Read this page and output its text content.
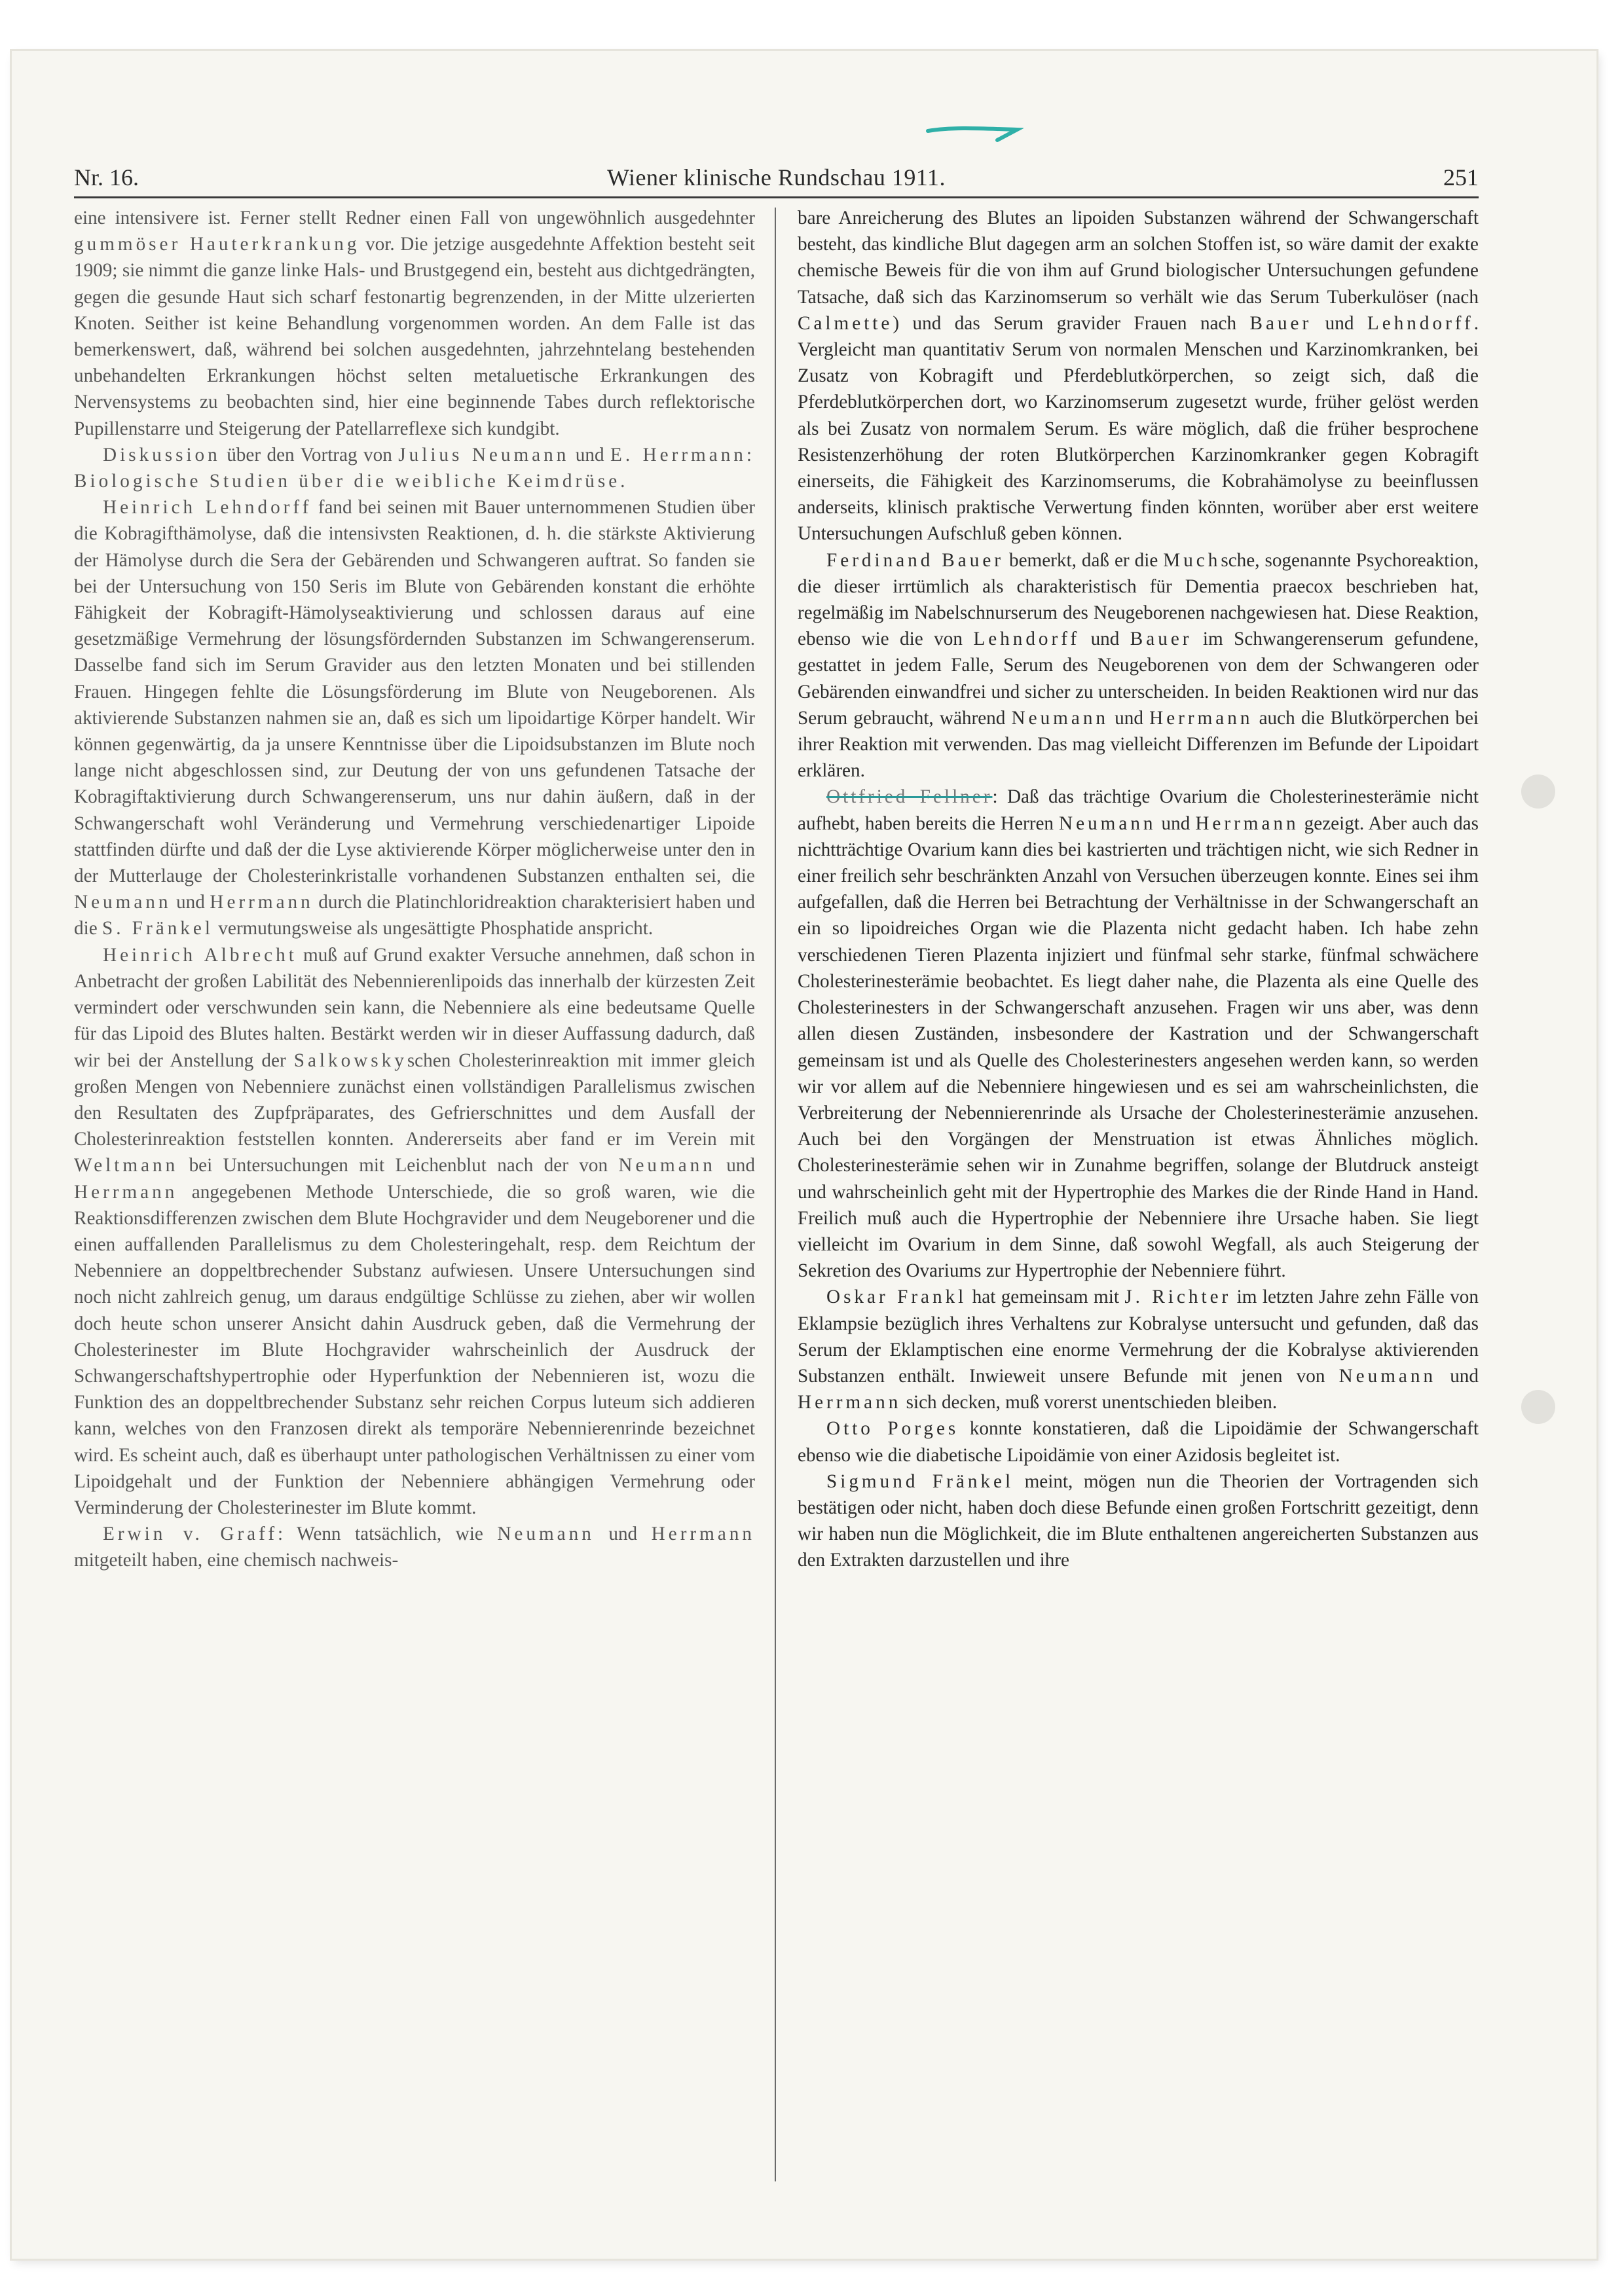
Nr. 16.	Wiener klinische Rundschau 1911.	251

eine intensivere ist. Ferner stellt Redner einen Fall von ungewöhnlich ausgedehnter gummöser Hauterkrankung vor. Die jetzige ausgedehnte Affektion besteht seit 1909; sie nimmt die ganze linke Hals- und Brustgegend ein, besteht aus dichtgedrängten, gegen die gesunde Haut sich scharf festonartig begrenzenden, in der Mitte ulzerierten Knoten. Seither ist keine Behandlung vorgenommen worden. An dem Falle ist das bemerkenswert, daß, während bei solchen ausgedehnten, jahrzehntelang bestehenden unbehandelten Erkrankungen höchst selten metaluetische Erkrankungen des Nervensystems zu beobachten sind, hier eine beginnende Tabes durch reflektorische Pupillenstarre und Steigerung der Patellarreflexe sich kundgibt.

Diskussion über den Vortrag von Julius Neumann und E. Herrmann: Biologische Studien über die weibliche Keimdrüse.

Heinrich Lehndorff fand bei seinen mit Bauer unternommenen Studien über die Kobragifthämolyse, daß die intensivsten Reaktionen, d. h. die stärkste Aktivierung der Hämolyse durch die Sera der Gebärenden und Schwangeren auftrat. So fanden sie bei der Untersuchung von 150 Seris im Blute von Gebärenden konstant die erhöhte Fähigkeit der Kobragift-Hämolyseaktivierung und schlossen daraus auf eine gesetzmäßige Vermehrung der lösungsfördernden Substanzen im Schwangerenserum. Dasselbe fand sich im Serum Gravider aus den letzten Monaten und bei stillenden Frauen. Hingegen fehlte die Lösungsförderung im Blute von Neugeborenen. Als aktivierende Substanzen nahmen sie an, daß es sich um lipoidartige Körper handelt. Wir können gegenwärtig, da ja unsere Kenntnisse über die Lipoidsubstanzen im Blute noch lange nicht abgeschlossen sind, zur Deutung der von uns gefundenen Tatsache der Kobragiftaktivierung durch Schwangerenserum, uns nur dahin äußern, daß in der Schwangerschaft wohl Veränderung und Vermehrung verschiedenartiger Lipoide stattfinden dürfte und daß der die Lyse aktivierende Körper möglicherweise unter den in der Mutterlauge der Cholesterinkristalle vorhandenen Substanzen enthalten sei, die Neumann und Herrmann durch die Platinchloridreaktion charakterisiert haben und die S. Fränkel vermutungsweise als ungesättigte Phosphatide anspricht.

Heinrich Albrecht muß auf Grund exakter Versuche annehmen, daß schon in Anbetracht der großen Labilität des Nebennierenlipoids das innerhalb der kürzesten Zeit vermindert oder verschwunden sein kann, die Nebenniere als eine bedeutsame Quelle für das Lipoid des Blutes halten. Bestärkt werden wir in dieser Auffassung dadurch, daß wir bei der Anstellung der Salkowskyschen Cholesterinreaktion mit immer gleich großen Mengen von Nebenniere zunächst einen vollständigen Parallelismus zwischen den Resultaten des Zupfpräparates, des Gefrierschnittes und dem Ausfall der Cholesterinreaktion feststellen konnten. Andererseits aber fand er im Verein mit Weltmann bei Untersuchungen mit Leichenblut nach der von Neumann und Herrmann angegebenen Methode Unterschiede, die so groß waren, wie die Reaktionsdifferenzen zwischen dem Blute Hochgravider und dem Neugeborener und die einen auffallenden Parallelismus zu dem Cholesteringehalt, resp. dem Reichtum der Nebenniere an doppeltbrechender Substanz aufwiesen. Unsere Untersuchungen sind noch nicht zahlreich genug, um daraus endgültige Schlüsse zu ziehen, aber wir wollen doch heute schon unserer Ansicht dahin Ausdruck geben, daß die Vermehrung der Cholesterinester im Blute Hochgravider wahrscheinlich der Ausdruck der Schwangerschaftshypertrophie oder Hyperfunktion der Nebennieren ist, wozu die Funktion des an doppeltbrechender Substanz sehr reichen Corpus luteum sich addieren kann, welches von den Franzosen direkt als temporäre Nebennierenrinde bezeichnet wird. Es scheint auch, daß es überhaupt unter pathologischen Verhältnissen zu einer vom Lipoidgehalt und der Funktion der Nebenniere abhängigen Vermehrung oder Verminderung der Cholesterinester im Blute kommt.

Erwin v. Graff: Wenn tatsächlich, wie Neumann und Herrmann mitgeteilt haben, eine chemisch nachweis-

bare Anreicherung des Blutes an lipoiden Substanzen während der Schwangerschaft besteht, das kindliche Blut dagegen arm an solchen Stoffen ist, so wäre damit der exakte chemische Beweis für die von ihm auf Grund biologischer Untersuchungen gefundene Tatsache, daß sich das Karzinomserum so verhält wie das Serum Tuberkulöser (nach Calmette) und das Serum gravider Frauen nach Bauer und Lehndorff. Vergleicht man quantitativ Serum von normalen Menschen und Karzinomkranken, bei Zusatz von Kobragift und Pferdeblutkörperchen, so zeigt sich, daß die Pferdeblutkörperchen dort, wo Karzinomserum zugesetzt wurde, früher gelöst werden als bei Zusatz von normalem Serum. Es wäre möglich, daß die früher besprochene Resistenzerhöhung der roten Blutkörperchen Karzinomkranker gegen Kobragift einerseits, die Fähigkeit des Karzinomserums, die Kobrahämolyse zu beeinflussen anderseits, klinisch praktische Verwertung finden könnten, worüber aber erst weitere Untersuchungen Aufschluß geben können.

Ferdinand Bauer bemerkt, daß er die Muchsche, sogenannte Psychoreaktion, die dieser irrtümlich als charakteristisch für Dementia praecox beschrieben hat, regelmäßig im Nabelschnurserum des Neugeborenen nachgewiesen hat. Diese Reaktion, ebenso wie die von Lehndorff und Bauer im Schwangerenserum gefundene, gestattet in jedem Falle, Serum des Neugeborenen von dem der Schwangeren oder Gebärenden einwandfrei und sicher zu unterscheiden. In beiden Reaktionen wird nur das Serum gebraucht, während Neumann und Herrmann auch die Blutkörperchen bei ihrer Reaktion mit verwenden. Das mag vielleicht Differenzen im Befunde der Lipoidart erklären.

Ottfried Fellner: Daß das trächtige Ovarium die Cholesterinesterämie nicht aufhebt, haben bereits die Herren Neumann und Herrmann gezeigt. Aber auch das nichtträchtige Ovarium kann dies bei kastrierten und trächtigen nicht, wie sich Redner in einer freilich sehr beschränkten Anzahl von Versuchen überzeugen konnte. Eines sei ihm aufgefallen, daß die Herren bei Betrachtung der Verhältnisse in der Schwangerschaft an ein so lipoidreiches Organ wie die Plazenta nicht gedacht haben. Ich habe zehn verschiedenen Tieren Plazenta injiziert und fünfmal sehr starke, fünfmal schwächere Cholesterinesterämie beobachtet. Es liegt daher nahe, die Plazenta als eine Quelle des Cholesterinesters in der Schwangerschaft anzusehen. Fragen wir uns aber, was denn allen diesen Zuständen, insbesondere der Kastration und der Schwangerschaft gemeinsam ist und als Quelle des Cholesterinesters angesehen werden kann, so werden wir vor allem auf die Nebenniere hingewiesen und es sei am wahrscheinlichsten, die Verbreiterung der Nebennierenrinde als Ursache der Cholesterinesterämie anzusehen. Auch bei den Vorgängen der Menstruation ist etwas Ähnliches möglich. Cholesterinesterämie sehen wir in Zunahme begriffen, solange der Blutdruck ansteigt und wahrscheinlich geht mit der Hypertrophie des Markes die der Rinde Hand in Hand. Freilich muß auch die Hypertrophie der Nebenniere ihre Ursache haben. Sie liegt vielleicht im Ovarium in dem Sinne, daß sowohl Wegfall, als auch Steigerung der Sekretion des Ovariums zur Hypertrophie der Nebenniere führt.

Oskar Frankl hat gemeinsam mit J. Richter im letzten Jahre zehn Fälle von Eklampsie bezüglich ihres Verhaltens zur Kobralyse untersucht und gefunden, daß das Serum der Eklamptischen eine enorme Vermehrung der die Kobralyse aktivierenden Substanzen enthält. Inwieweit unsere Befunde mit jenen von Neumann und Herrmann sich decken, muß vorerst unentschieden bleiben.

Otto Porges konnte konstatieren, daß die Lipoidämie der Schwangerschaft ebenso wie die diabetische Lipoidämie von einer Azidosis begleitet ist.

Sigmund Fränkel meint, mögen nun die Theorien der Vortragenden sich bestätigen oder nicht, haben doch diese Befunde einen großen Fortschritt gezeitigt, denn wir haben nun die Möglichkeit, die im Blute enthaltenen angereicherten Substanzen aus den Extrakten darzustellen und ihre
